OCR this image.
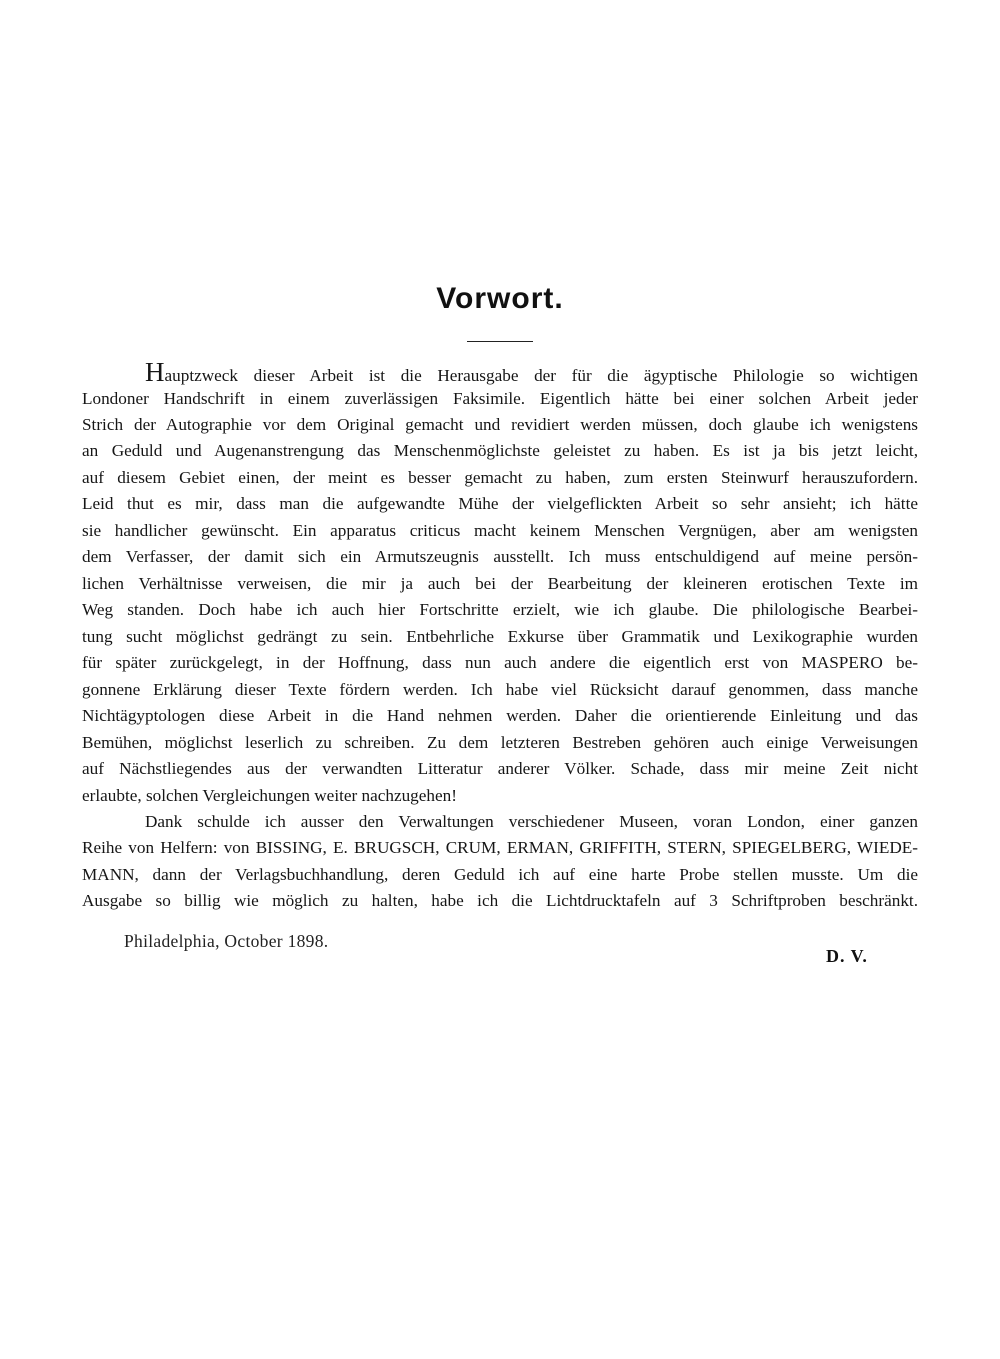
Vorwort.
Hauptzweck dieser Arbeit ist die Herausgabe der für die ägyptische Philologie so wichtigen
Londoner Handschrift in einem zuverlässigen Faksimile. Eigentlich hätte bei einer solchen Arbeit jeder
Strich der Autographie vor dem Original gemacht und revidiert werden müssen, doch glaube ich wenigstens
an Geduld und Augenanstrengung das Menschenmöglichste geleistet zu haben. Es ist ja bis jetzt leicht,
auf diesem Gebiet einen, der meint es besser gemacht zu haben, zum ersten Steinwurf herauszufordern.
Leid thut es mir, dass man die aufgewandte Mühe der vielgeflickten Arbeit so sehr ansieht; ich hätte
sie handlicher gewünscht. Ein apparatus criticus macht keinem Menschen Vergnügen, aber am wenigsten
dem Verfasser, der damit sich ein Armutszeugnis ausstellt. Ich muss entschuldigend auf meine persön-
lichen Verhältnisse verweisen, die mir ja auch bei der Bearbeitung der kleineren erotischen Texte im
Weg standen. Doch habe ich auch hier Fortschritte erzielt, wie ich glaube. Die philologische Bearbei-
tung sucht möglichst gedrängt zu sein. Entbehrliche Exkurse über Grammatik und Lexikographie wurden
für später zurückgelegt, in der Hoffnung, dass nun auch andere die eigentlich erst von MASPERO be-
gonnene Erklärung dieser Texte fördern werden. Ich habe viel Rücksicht darauf genommen, dass manche
Nichtägyptologen diese Arbeit in die Hand nehmen werden. Daher die orientierende Einleitung und das
Bemühen, möglichst leserlich zu schreiben. Zu dem letzteren Bestreben gehören auch einige Verweisungen
auf Nächstliegendes aus der verwandten Litteratur anderer Völker. Schade, dass mir meine Zeit nicht
erlaubte, solchen Vergleichungen weiter nachzugehen!
Dank schulde ich ausser den Verwaltungen verschiedener Museen, voran London, einer ganzen
Reihe von Helfern: von BISSING, E. BRUGSCH, CRUM, ERMAN, GRIFFITH, STERN, SPIEGELBERG, WIEDE-
MANN, dann der Verlagsbuchhandlung, deren Geduld ich auf eine harte Probe stellen musste. Um die
Ausgabe so billig wie möglich zu halten, habe ich die Lichtdrucktafeln auf 3 Schriftproben beschränkt.
Philadelphia, October 1898.
D. V.
